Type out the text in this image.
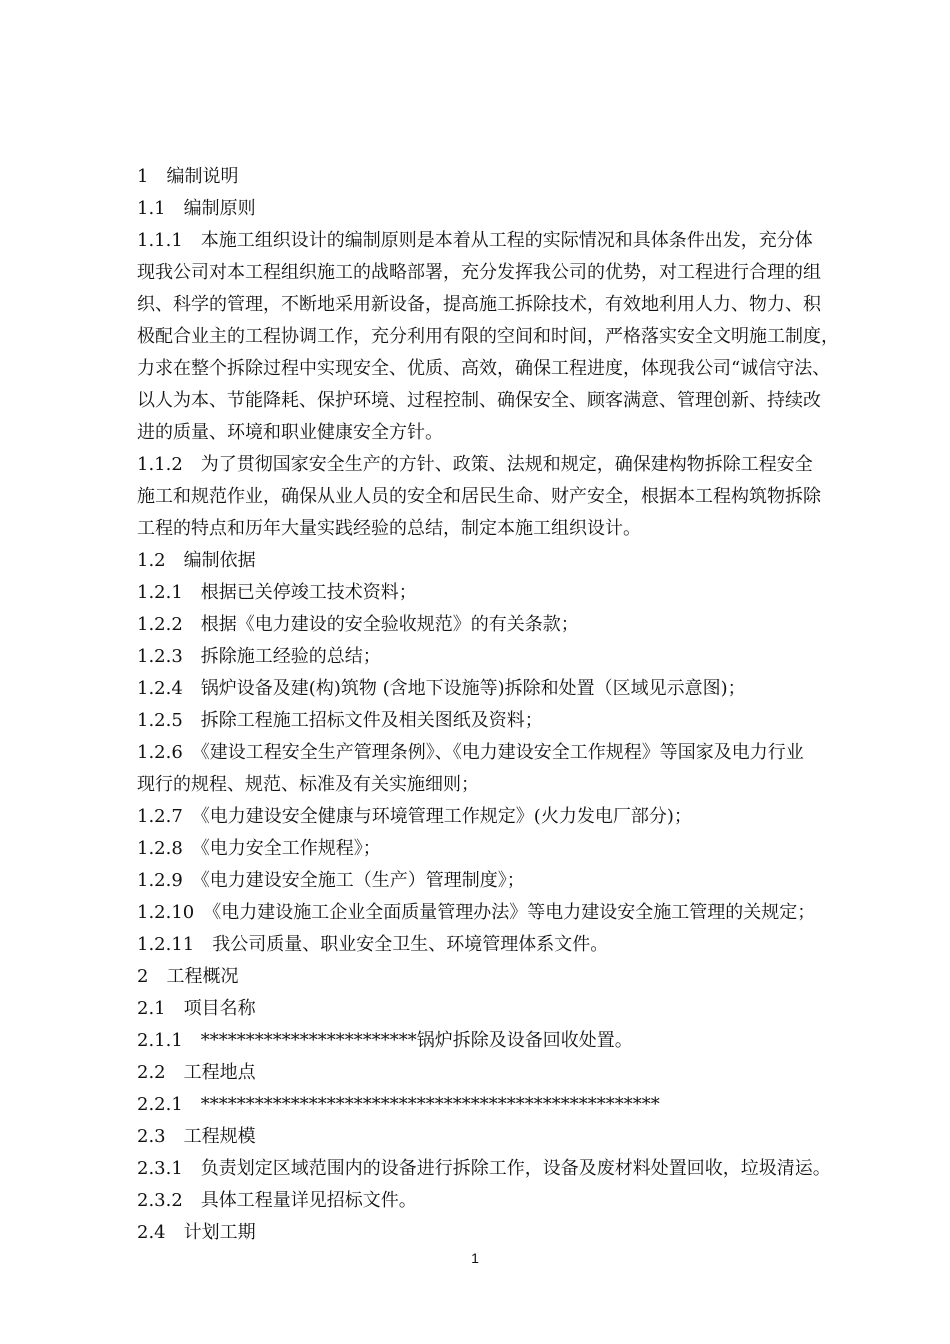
1　编制说明
1.1　编制原则
1.1.1　本施工组织设计的编制原则是本着从工程的实际情况和具体条件出发，充分体
现我公司对本工程组织施工的战略部署，充分发挥我公司的优势，对工程进行合理的组
织、科学的管理，不断地采用新设备，提高施工拆除技术，有效地利用人力、物力、积
极配合业主的工程协调工作，充分利用有限的空间和时间，严格落实安全文明施工制度，
力求在整个拆除过程中实现安全、优质、高效，确保工程进度，体现我公司“诚信守法、
以人为本、节能降耗、保护环境、过程控制、确保安全、顾客满意、管理创新、持续改
进的质量、环境和职业健康安全方针。
1.1.2　为了贯彻国家安全生产的方针、政策、法规和规定，确保建构物拆除工程安全
施工和规范作业，确保从业人员的安全和居民生命、财产安全，根据本工程构筑物拆除
工程的特点和历年大量实践经验的总结，制定本施工组织设计。
1.2　编制依据
1.2.1　根据已关停竣工技术资料；
1.2.2　根据《电力建设的安全验收规范》的有关条款；
1.2.3　拆除施工经验的总结；
1.2.4　锅炉设备及建(构)筑物 (含地下设施等)拆除和处置（区域见示意图)；
1.2.5　拆除工程施工招标文件及相关图纸及资料；
1.2.6　《建设工程安全生产管理条例》、《电力建设安全工作规程》等国家及电力行业
现行的规程、规范、标准及有关实施细则；
1.2.7　《电力建设安全健康与环境管理工作规定》(火力发电厂部分)；
1.2.8　《电力安全工作规程》；
1.2.9　《电力建设安全施工（生产）管理制度》；
1.2.10　《电力建设施工企业全面质量管理办法》等电力建设安全施工管理的关规定；
1.2.11　我公司质量、职业安全卫生、环境管理体系文件。
2　工程概况
2.1　项目名称
2.1.1　************************锅炉拆除及设备回收处置。
2.2　工程地点
2.2.1　***************************************************
2.3　工程规模
2.3.1　负责划定区域范围内的设备进行拆除工作，设备及废材料处置回收，垃圾清运。
2.3.2　具体工程量详见招标文件。
2.4　计划工期
1
